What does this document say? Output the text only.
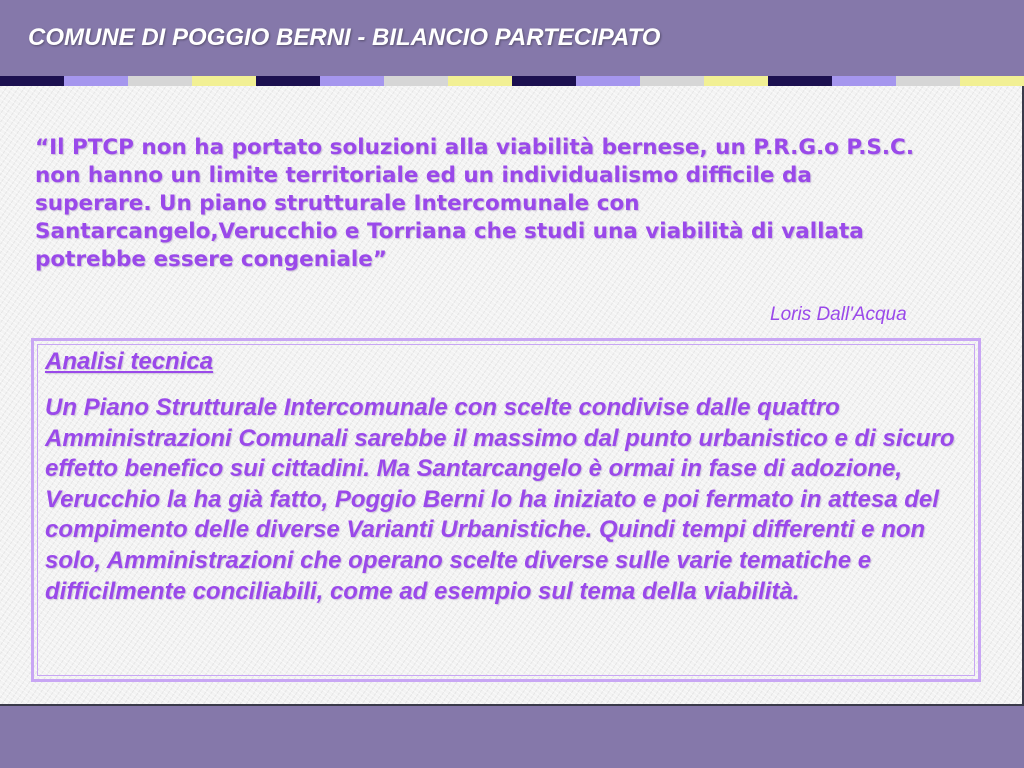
COMUNE DI POGGIO BERNI - BILANCIO PARTECIPATO

“Il PTCP non ha portato soluzioni alla viabilità bernese, un P.R.G.o P.S.C. non hanno un limite territoriale ed un individualismo difficile da superare. Un piano strutturale Intercomunale con Santarcangelo,Verucchio e Torriana che studi una viabilità di vallata potrebbe essere congeniale”

Loris Dall'Acqua

Analisi tecnica

Un Piano Strutturale Intercomunale con scelte condivise dalle quattro Amministrazioni Comunali sarebbe il massimo dal punto urbanistico e di sicuro effetto benefico sui cittadini. Ma Santarcangelo è ormai in fase di adozione, Verucchio la ha già fatto, Poggio Berni lo ha iniziato e poi fermato in attesa del compimento delle diverse Varianti Urbanistiche. Quindi tempi differenti e non solo, Amministrazioni che operano scelte diverse sulle varie tematiche e difficilmente conciliabili, come ad esempio sul tema della viabilità.
